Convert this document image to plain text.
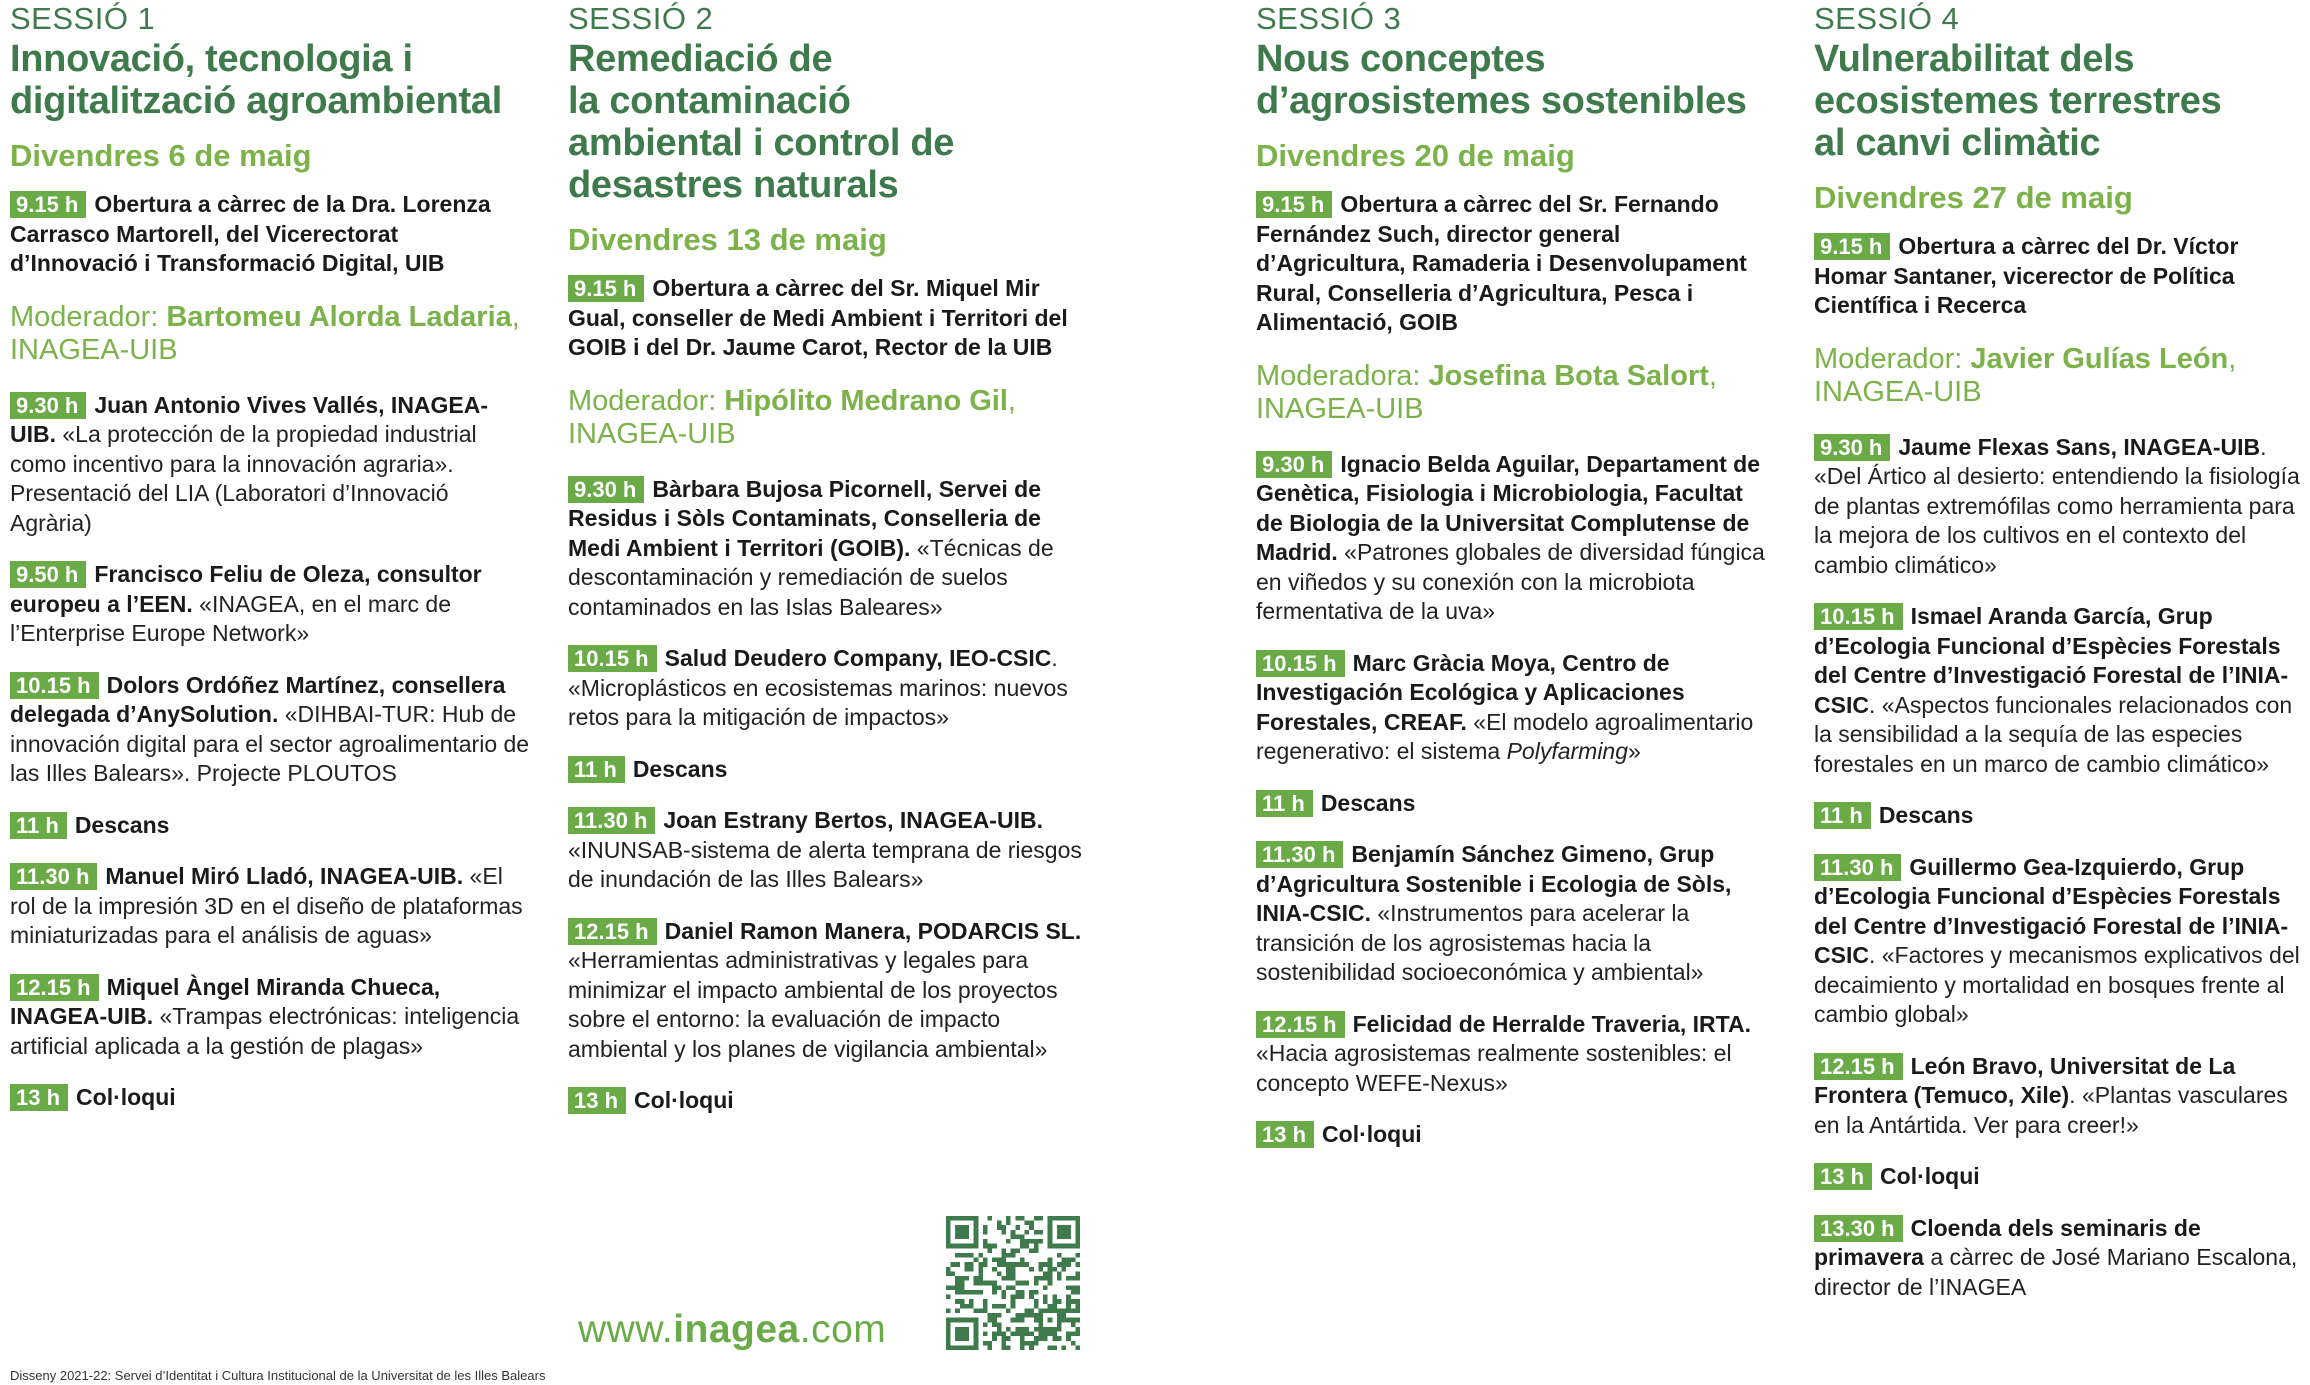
SESSIÓ 1
Innovació, tecnologia i
digitalització agroambiental
Divendres 6 de maig
9.15 h Obertura a càrrec de la Dra. Lorenza Carrasco Martorell, del Vicerectorat d’Innovació i Transformació Digital, UIB
Moderador: Bartomeu Alorda Ladaria, INAGEA-UIB
9.30 h Juan Antonio Vives Vallés, INAGEA-UIB. «La protección de la propiedad industrial como incentivo para la innovación agraria». Presentació del LIA (Laboratori d’Innovació Agrària)
9.50 h Francisco Feliu de Oleza, consultor europeu a l’EEN. «INAGEA, en el marc de l’Enterprise Europe Network»
10.15 h Dolors Ordóñez Martínez, consellera delegada d’AnySolution. «DIHBAI-TUR: Hub de innovación digital para el sector agroalimentario de las Illes Balears». Projecte PLOUTOS
11 h Descans
11.30 h Manuel Miró Lladó, INAGEA-UIB. «El rol de la impresión 3D en el diseño de plataformas miniaturizadas para el análisis de aguas»
12.15 h Miquel Àngel Miranda Chueca, INAGEA-UIB. «Trampas electrónicas: inteligencia artificial aplicada a la gestión de plagas»
13 h Col·loqui
SESSIÓ 2
Remediació de
la contaminació
ambiental i control de
desastres naturals
Divendres 13 de maig
9.15 h Obertura a càrrec del Sr. Miquel Mir Gual, conseller de Medi Ambient i Territori del GOIB i del Dr. Jaume Carot, Rector de la UIB
Moderador: Hipólito Medrano Gil, INAGEA-UIB
9.30 h Bàrbara Bujosa Picornell, Servei de Residus i Sòls Contaminats, Conselleria de Medi Ambient i Territori (GOIB). «Técnicas de descontaminación y remediación de suelos contaminados en las Islas Baleares»
10.15 h Salud Deudero Company, IEO-CSIC. «Microplásticos en ecosistemas marinos: nuevos retos para la mitigación de impactos»
11 h Descans
11.30 h Joan Estrany Bertos, INAGEA-UIB. «INUNSAB-sistema de alerta temprana de riesgos de inundación de las Illes Balears»
12.15 h Daniel Ramon Manera, PODARCIS SL. «Herramientas administrativas y legales para minimizar el impacto ambiental de los proyectos sobre el entorno: la evaluación de impacto ambiental y los planes de vigilancia ambiental»
13 h Col·loqui
SESSIÓ 3
Nous conceptes
d’agrosistemes sostenibles
Divendres 20 de maig
9.15 h Obertura a càrrec del Sr. Fernando Fernández Such, director general d’Agricultura, Ramaderia i Desenvolupament Rural, Conselleria d’Agricultura, Pesca i Alimentació, GOIB
Moderadora: Josefina Bota Salort, INAGEA-UIB
9.30 h Ignacio Belda Aguilar, Departament de Genètica, Fisiologia i Microbiologia, Facultat de Biologia de la Universitat Complutense de Madrid. «Patrones globales de diversidad fúngica en viñedos y su conexión con la microbiota fermentativa de la uva»
10.15 h Marc Gràcia Moya, Centro de Investigación Ecológica y Aplicaciones Forestales, CREAF. «El modelo agroalimentario regenerativo: el sistema Polyfarming»
11 h Descans
11.30 h Benjamín Sánchez Gimeno, Grup d’Agricultura Sostenible i Ecologia de Sòls, INIA-CSIC. «Instrumentos para acelerar la transición de los agrosistemas hacia la sostenibilidad socioeconómica y ambiental»
12.15 h Felicidad de Herralde Traveria, IRTA. «Hacia agrosistemas realmente sostenibles: el concepto WEFE-Nexus»
13 h Col·loqui
SESSIÓ 4
Vulnerabilitat dels
ecosistemes terrestres
al canvi climàtic
Divendres 27 de maig
9.15 h Obertura a càrrec del Dr. Víctor Homar Santaner, vicerector de Política Científica i Recerca
Moderador: Javier Gulías León, INAGEA-UIB
9.30 h Jaume Flexas Sans, INAGEA-UIB. «Del Ártico al desierto: entendiendo la fisiología de plantas extremófilas como herramienta para la mejora de los cultivos en el contexto del cambio climático»
10.15 h Ismael Aranda García, Grup d’Ecologia Funcional d’Espècies Forestals del Centre d’Investigació Forestal de l’INIA-CSIC. «Aspectos funcionales relacionados con la sensibilidad a la sequía de las especies forestales en un marco de cambio climático»
11 h Descans
11.30 h Guillermo Gea-Izquierdo, Grup d’Ecologia Funcional d’Espècies Forestals del Centre d’Investigació Forestal de l’INIA-CSIC. «Factores y mecanismos explicativos del decaimiento y mortalidad en bosques frente al cambio global»
12.15 h León Bravo, Universitat de La Frontera (Temuco, Xile). «Plantas vasculares en la Antártida. Ver para creer!»
13 h Col·loqui
13.30 h Cloenda dels seminaris de primavera a càrrec de José Mariano Escalona, director de l’INAGEA
www.inagea.com
Disseny 2021-22: Servei d’Identitat i Cultura Institucional de la Universitat de les Illes Balears
